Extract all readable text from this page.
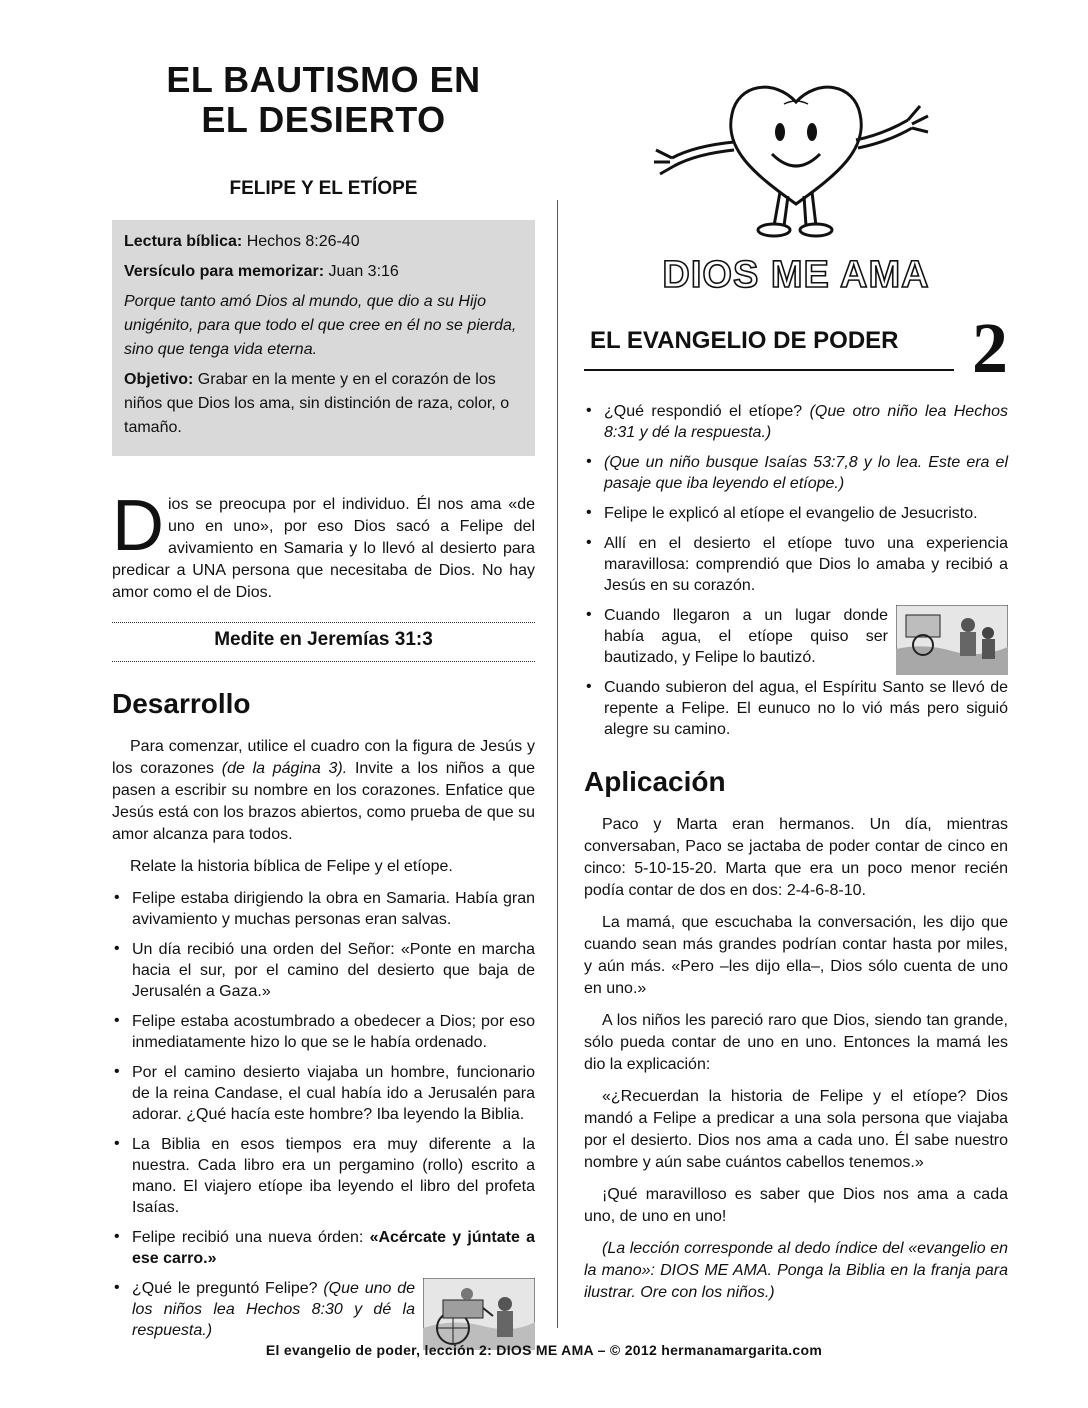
EL BAUTISMO EN
EL DESIERTO
FELIPE Y EL ETÍOPE

Lectura bíblica: Hechos 8:26-40

Versículo para memorizar: Juan 3:16

Porque tanto amó Dios al mundo, que dio a su Hijo unigénito, para que todo el que cree en él no se pierda, sino que tenga vida eterna.

Objetivo: Grabar en la mente y en el corazón de los niños que Dios los ama, sin distinción de raza, color, o tamaño.

Dios se preocupa por el individuo. Él nos ama «de uno en uno», por eso Dios sacó a Felipe del avivamiento en Samaria y lo llevó al desierto para predicar a UNA persona que necesitaba de Dios. No hay amor como el de Dios.
Medite en Jeremías 31:3
Desarrollo

Para comenzar, utilice el cuadro con la figura de Jesús y los corazones (de la página 3). Invite a los niños a que pasen a escribir su nombre en los corazones. Enfatice que Jesús está con los brazos abiertos, como prueba de que su amor alcanza para todos.

Relate la historia bíblica de Felipe y el etíope.

• Felipe estaba dirigiendo la obra en Samaria. Había gran avivamiento y muchas personas eran salvas.
• Un día recibió una orden del Señor: «Ponte en marcha hacia el sur, por el camino del desierto que baja de Jerusalén a Gaza.»
• Felipe estaba acostumbrado a obedecer a Dios; por eso inmediatamente hizo lo que se le había ordenado.
• Por el camino desierto viajaba un hombre, funcionario de la reina Candase, el cual había ido a Jerusalén para adorar. ¿Qué hacía este hombre? Iba leyendo la Biblia.
• La Biblia en esos tiempos era muy diferente a la nuestra. Cada libro era un pergamino (rollo) escrito a mano. El viajero etíope iba leyendo el libro del profeta Isaías.
• Felipe recibió una nueva órden: «Acércate y júntate a ese carro.»
• ¿Qué le preguntó Felipe? (Que uno de los niños lea Hechos 8:30 y dé la respuesta.)
DIOS ME AMA
EL EVANGELIO DE PODER 2
• ¿Qué respondió el etíope? (Que otro niño lea Hechos 8:31 y dé la respuesta.)
• (Que un niño busque Isaías 53:7,8 y lo lea. Este era el pasaje que iba leyendo el etíope.)
• Felipe le explicó al etíope el evangelio de Jesucristo.
• Allí en el desierto el etíope tuvo una experiencia maravillosa: comprendió que Dios lo amaba y recibió a Jesús en su corazón.
• Cuando llegaron a un lugar donde había agua, el etíope quiso ser bautizado, y Felipe lo bautizó.
• Cuando subieron del agua, el Espíritu Santo se llevó de repente a Felipe. El eunuco no lo vió más pero siguió alegre su camino.
Aplicación

Paco y Marta eran hermanos. Un día, mientras conversaban, Paco se jactaba de poder contar de cinco en cinco: 5-10-15-20. Marta que era un poco menor recién podía contar de dos en dos: 2-4-6-8-10.

La mamá, que escuchaba la conversación, les dijo que cuando sean más grandes podrían contar hasta por miles, y aún más. «Pero –les dijo ella–, Dios sólo cuenta de uno en uno.»

A los niños les pareció raro que Dios, siendo tan grande, sólo pueda contar de uno en uno. Entonces la mamá les dio la explicación:

«¿Recuerdan la historia de Felipe y el etíope? Dios mandó a Felipe a predicar a una sola persona que viajaba por el desierto. Dios nos ama a cada uno. Él sabe nuestro nombre y aún sabe cuántos cabellos tenemos.»

¡Qué maravilloso es saber que Dios nos ama a cada uno, de uno en uno!

(La lección corresponde al dedo índice del «evangelio en la mano»: DIOS ME AMA. Ponga la Biblia en la franja para ilustrar. Ore con los niños.)

El evangelio de poder, lección 2: DIOS ME AMA – © 2012 hermanamargarita.com
